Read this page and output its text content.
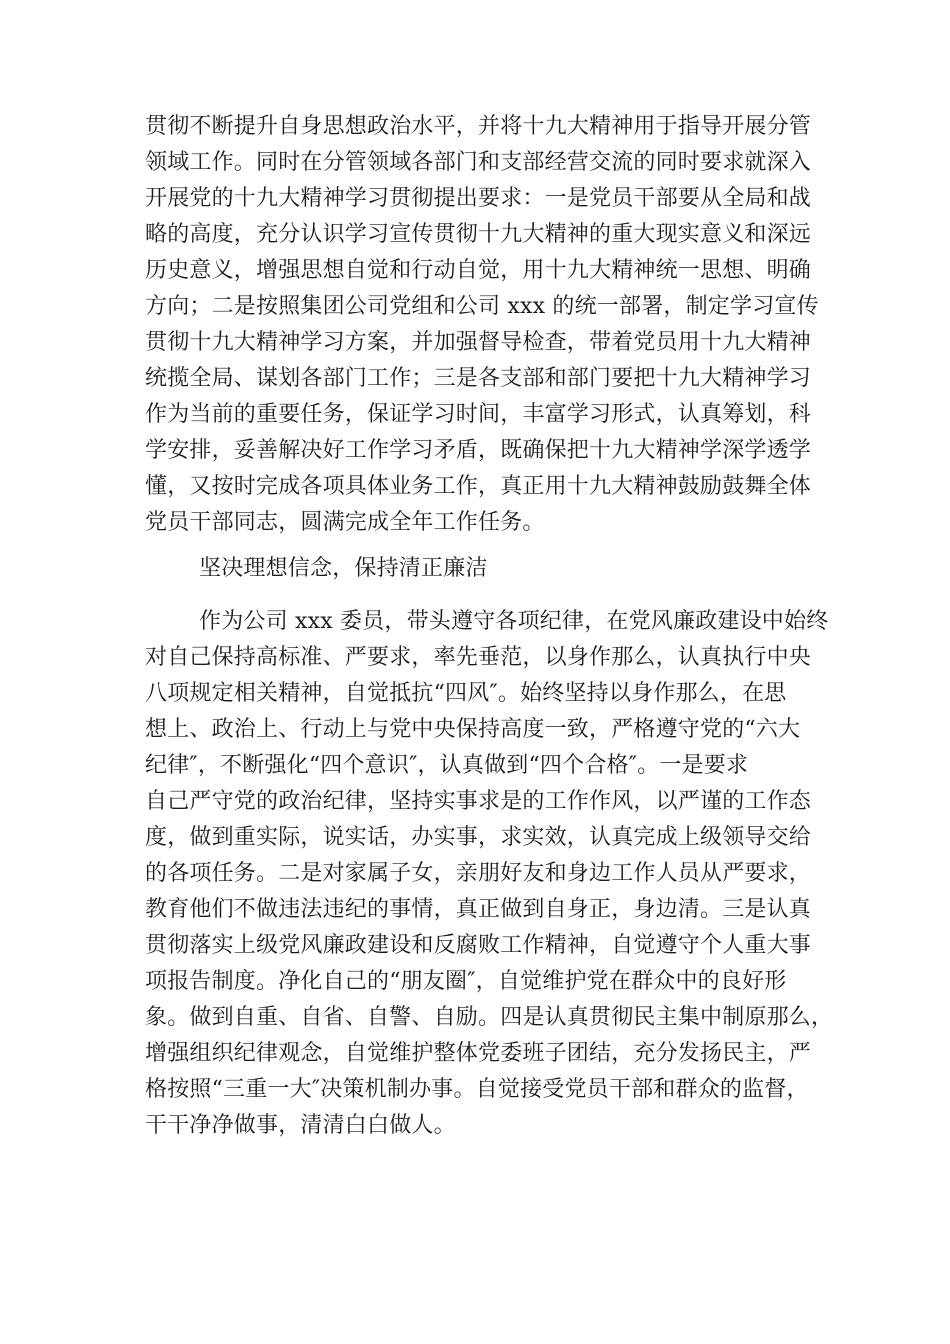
贯彻不断提升自身思想政治水平，并将十九大精神用于指导开展分管
领域工作。同时在分管领域各部门和支部经营交流的同时要求就深入
开展党的十九大精神学习贯彻提出要求：一是党员干部要从全局和战
略的高度，充分认识学习宣传贯彻十九大精神的重大现实意义和深远
历史意义，增强思想自觉和行动自觉，用十九大精神统一思想、明确
方向；二是按照集团公司党组和公司 xxx 的统一部署，制定学习宣传
贯彻十九大精神学习方案，并加强督导检查，带着党员用十九大精神
统揽全局、谋划各部门工作；三是各支部和部门要把十九大精神学习
作为当前的重要任务，保证学习时间，丰富学习形式，认真筹划，科
学安排，妥善解决好工作学习矛盾，既确保把十九大精神学深学透学
懂，又按时完成各项具体业务工作，真正用十九大精神鼓励鼓舞全体
党员干部同志，圆满完成全年工作任务。
坚决理想信念，保持清正廉洁
作为公司 xxx 委员，带头遵守各项纪律，在党风廉政建设中始终
对自己保持高标准、严要求，率先垂范，以身作那么，认真执行中央
八项规定相关精神，自觉抵抗“四风″。始终坚持以身作那么，在思
想上、政治上、行动上与党中央保持高度一致，严格遵守党的“六大
纪律″，不断强化“四个意识″，认真做到“四个合格″。一是要求
自己严守党的政治纪律，坚持实事求是的工作作风，以严谨的工作态
度，做到重实际，说实话，办实事，求实效，认真完成上级领导交给
的各项任务。二是对家属子女，亲朋好友和身边工作人员从严要求，
教育他们不做违法违纪的事情，真正做到自身正，身边清。三是认真
贯彻落实上级党风廉政建设和反腐败工作精神，自觉遵守个人重大事
项报告制度。净化自己的“朋友圈″，自觉维护党在群众中的良好形
象。做到自重、自省、自警、自励。四是认真贯彻民主集中制原那么，
增强组织纪律观念，自觉维护整体党委班子团结，充分发扬民主，严
格按照“三重一大″决策机制办事。自觉接受党员干部和群众的监督，
干干净净做事，清清白白做人。
